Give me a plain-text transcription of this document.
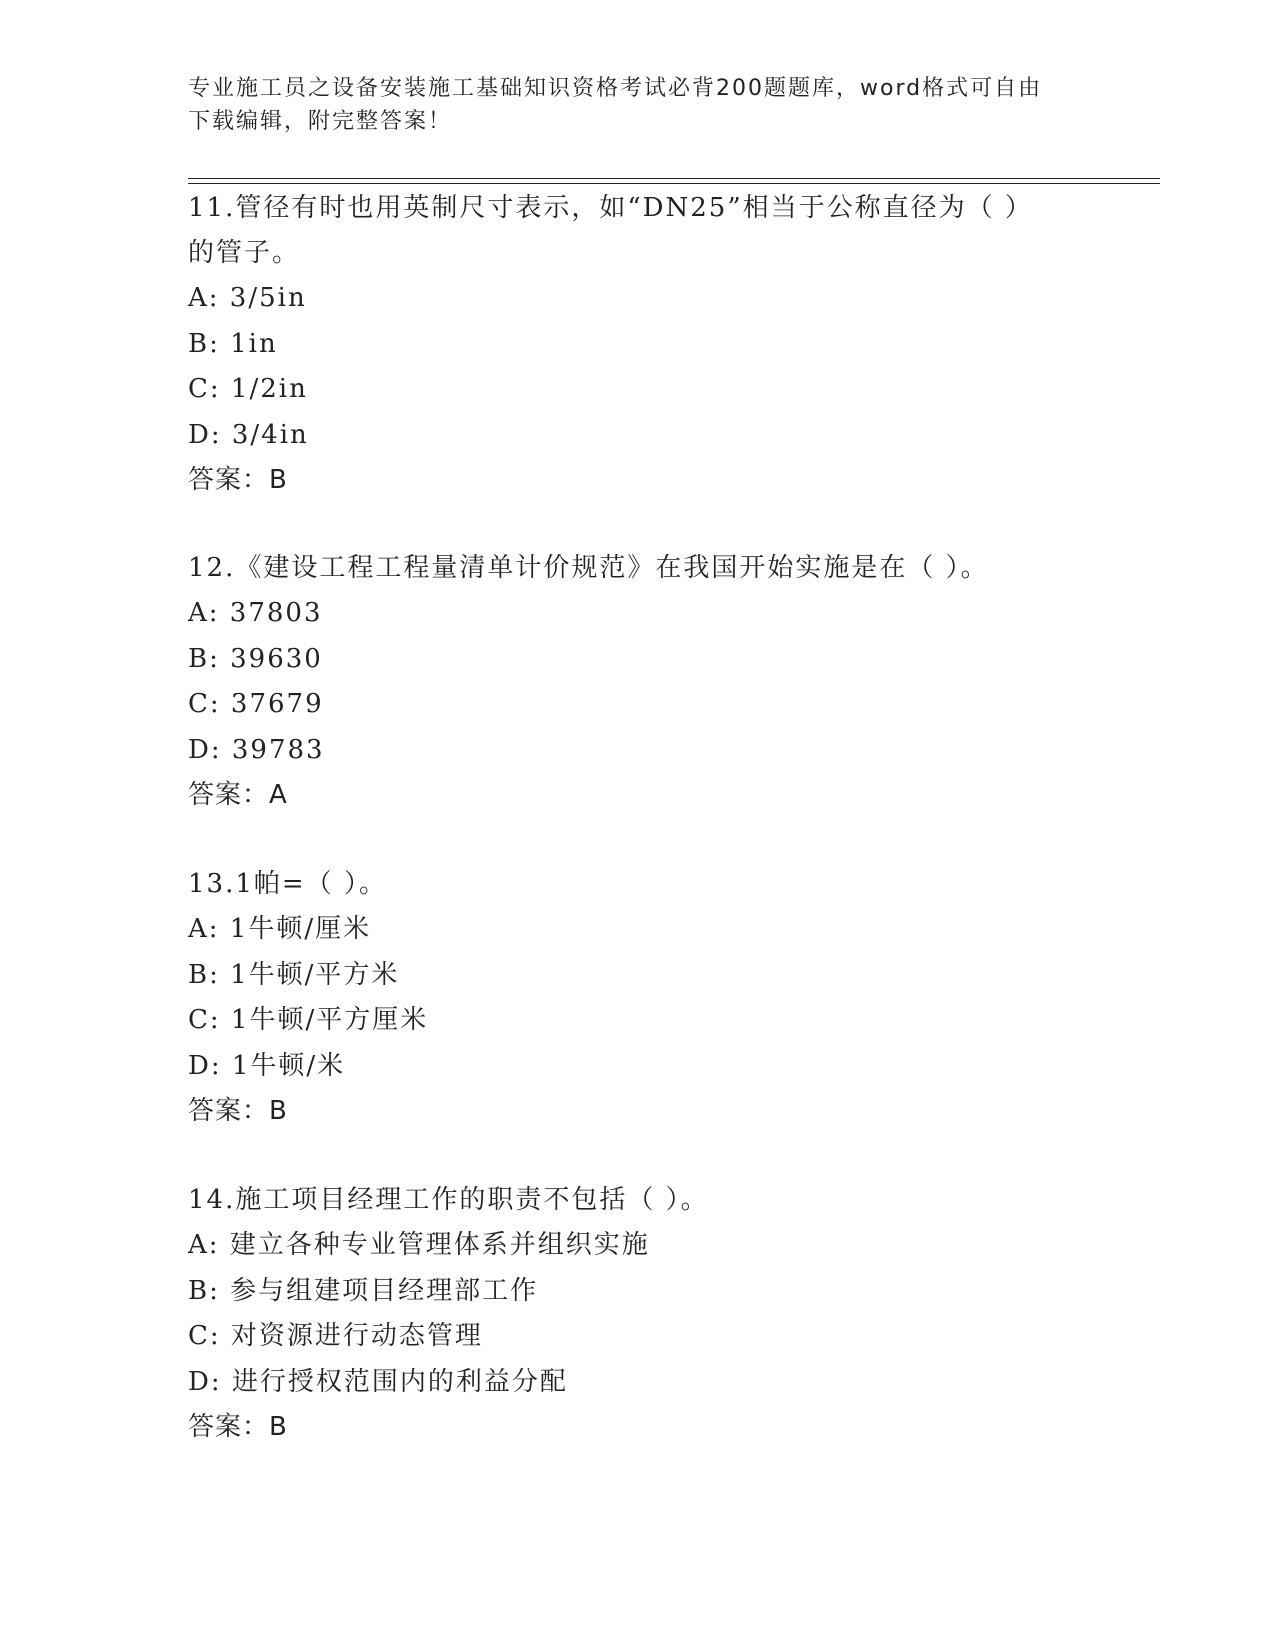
专业施工员之设备安装施工基础知识资格考试必背200题题库，word格式可自由
下载编辑，附完整答案！

11.管径有时也用英制尺寸表示，如“DN25”相当于公称直径为（ ）的管子。

A: 3/5in
B: 1in
C: 1/2in
D: 3/4in
答案：B

12.《建设工程工程量清单计价规范》在我国开始实施是在（ ）。

A: 37803
B: 39630
C: 37679
D: 39783
答案：A

13.1帕=（ ）。

A: 1牛顿/厘米
B: 1牛顿/平方米
C: 1牛顿/平方厘米
D: 1牛顿/米
答案：B

14.施工项目经理工作的职责不包括（ ）。

A: 建立各种专业管理体系并组织实施
B: 参与组建项目经理部工作
C: 对资源进行动态管理
D: 进行授权范围内的利益分配
答案：B
